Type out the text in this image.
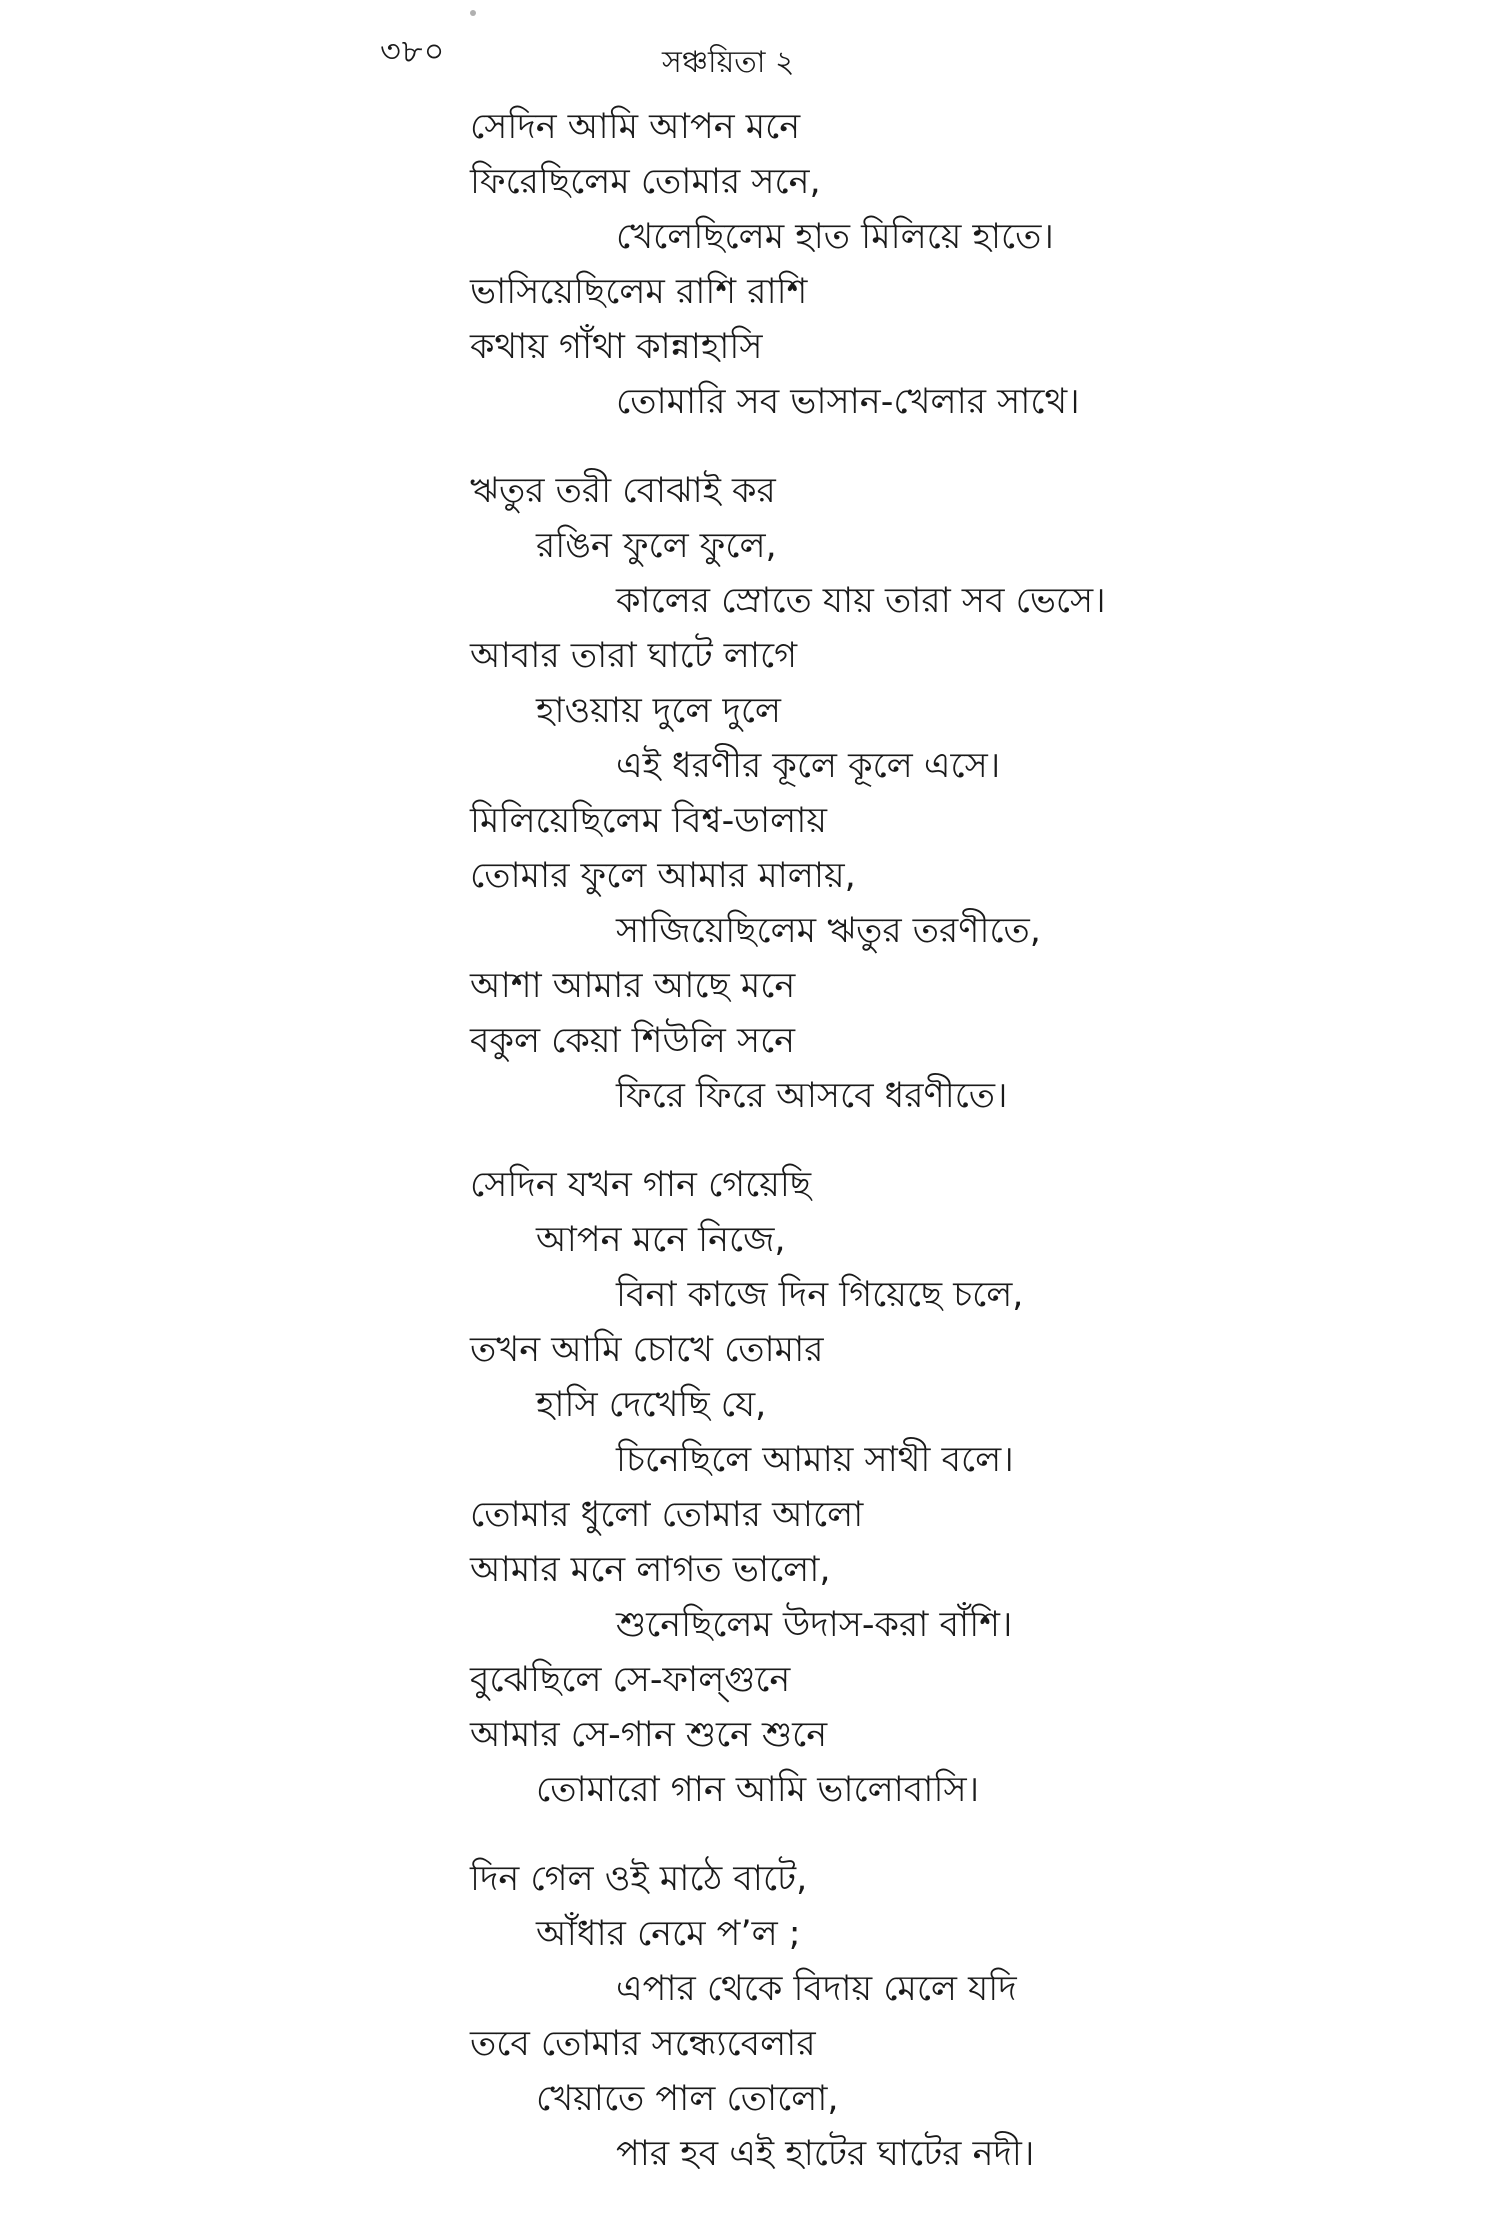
৩৮০	সঞ্চয়িতা ২
সেদিন আমি আপন মনে
ফিরেছিলেম তোমার সনে,
খেলেছিলেম হাত মিলিয়ে হাতে।
ভাসিয়েছিলেম রাশি রাশি
কথায় গাঁথা কান্নাহাসি
তোমারি সব ভাসান-খেলার সাথে।
ঋতুর তরী বোঝাই কর
রঙিন ফুলে ফুলে,
কালের স্রোতে যায় তারা সব ভেসে।
আবার তারা ঘাটে লাগে
হাওয়ায় দুলে দুলে
এই ধরণীর কূলে কূলে এসে।
মিলিয়েছিলেম বিশ্ব-ডালায়
তোমার ফুলে আমার মালায়,
সাজিয়েছিলেম ঋতুর তরণীতে,
আশা আমার আছে মনে
বকুল কেয়া শিউলি সনে
ফিরে ফিরে আসবে ধরণীতে।
সেদিন যখন গান গেয়েছি
আপন মনে নিজে,
বিনা কাজে দিন গিয়েছে চলে,
তখন আমি চোখে তোমার
হাসি দেখেছি যে,
চিনেছিলে আমায় সাথী বলে।
তোমার ধুলো তোমার আলো
আমার মনে লাগত ভালো,
শুনেছিলেম উদাস-করা বাঁশি।
বুঝেছিলে সে-ফাল্গুনে
আমার সে-গান শুনে শুনে
তোমারো গান আমি ভালোবাসি।
দিন গেল ওই মাঠে বাটে,
আঁধার নেমে প’ল ;
এপার থেকে বিদায় মেলে যদি
তবে তোমার সন্ধ্যেবেলার
খেয়াতে পাল তোলো,
পার হব এই হাটের ঘাটের নদী।
